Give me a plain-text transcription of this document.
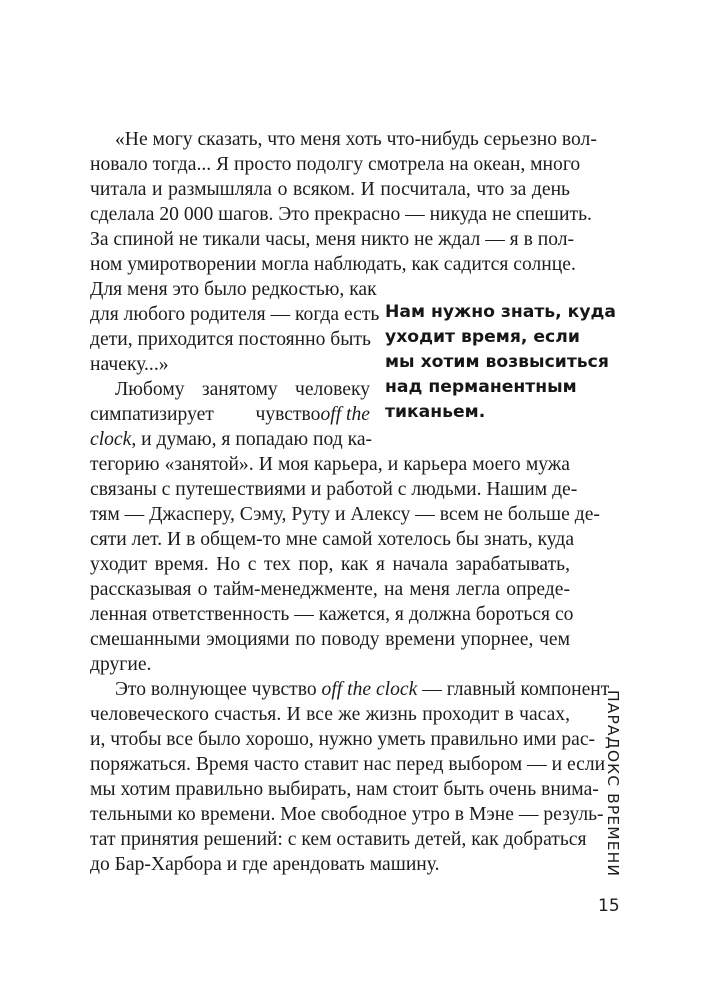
«Не могу сказать, что меня хоть что-нибудь серьезно вол-
новало тогда... Я просто подолгу смотрела на океан, много
читала и размышляла о всяком. И посчитала, что за день
сделала 20 000 шагов. Это прекрасно — никуда не спешить.
За спиной не тикали часы, меня никто не ждал — я в пол-
ном умиротворении могла наблюдать, как садится солнце.
Для меня это было редкостью, как
для любого родителя — когда есть
дети, приходится постоянно быть
начеку...»
Любому занятому человеку
симпатизирует чувство off the
clock, и думаю, я попадаю под ка-
тегорию «занятой». И моя карьера, и карьера моего мужа
связаны с путешествиями и работой с людьми. Нашим де-
тям — Джасперу, Сэму, Руту и Алексу — всем не больше де-
сяти лет. И в общем-то мне самой хотелось бы знать, куда
уходит время. Но с тех пор, как я начала зарабатывать,
рассказывая о тайм-менеджменте, на меня легла опреде-
ленная ответственность — кажется, я должна бороться со
смешанными эмоциями по поводу времени упорнее, чем
другие.
Это волнующее чувство off the clock — главный компонент
человеческого счастья. И все же жизнь проходит в часах,
и, чтобы все было хорошо, нужно уметь правильно ими рас-
поряжаться. Время часто ставит нас перед выбором — и если
мы хотим правильно выбирать, нам стоит быть очень внима-
тельными ко времени. Мое свободное утро в Мэне — резуль-
тат принятия решений: с кем оставить детей, как добраться
до Бар-Харбора и где арендовать машину.
Нам нужно знать, куда
уходит время, если
мы хотим возвыситься
над перманентным
тиканьем.
ПАРАДОКС ВРЕМЕНИ
15
